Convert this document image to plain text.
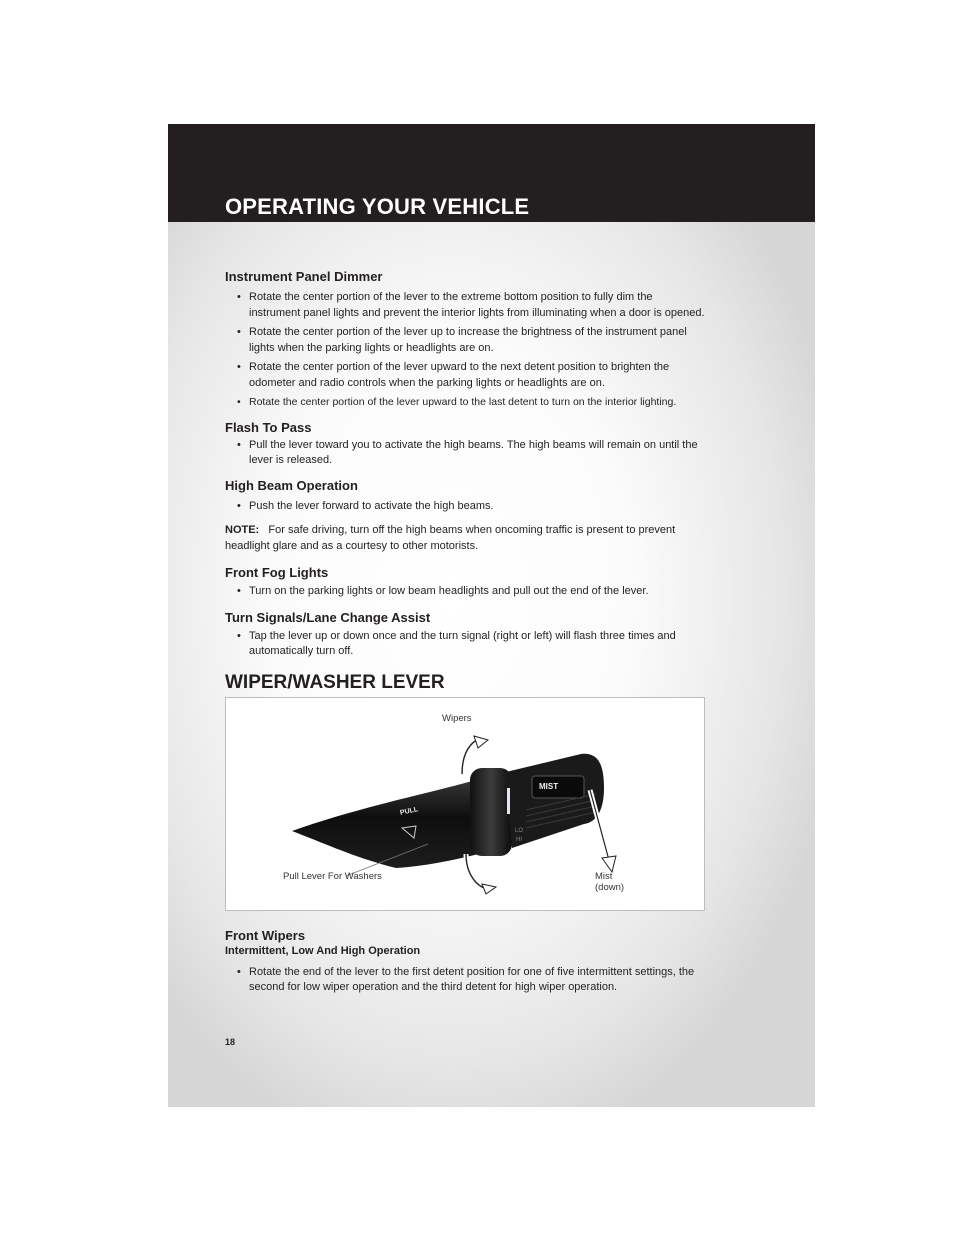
OPERATING YOUR VEHICLE
Instrument Panel Dimmer
• Rotate the center portion of the lever to the extreme bottom position to fully dim the instrument panel lights and prevent the interior lights from illuminating when a door is opened.
• Rotate the center portion of the lever up to increase the brightness of the instrument panel lights when the parking lights or headlights are on.
• Rotate the center portion of the lever upward to the next detent position to brighten the odometer and radio controls when the parking lights or headlights are on.
• Rotate the center portion of the lever upward to the last detent to turn on the interior lighting.
Flash To Pass
• Pull the lever toward you to activate the high beams. The high beams will remain on until the lever is released.
High Beam Operation
• Push the lever forward to activate the high beams.

NOTE: For safe driving, turn off the high beams when oncoming traffic is present to prevent headlight glare and as a courtesy to other motorists.

Front Fog Lights
• Turn on the parking lights or low beam headlights and pull out the end of the lever.
Turn Signals/Lane Change Assist
• Tap the lever up or down once and the turn signal (right or left) will flash three times and automatically turn off.
WIPER/WASHER LEVER
Wipers
Pull Lever For Washers	Mist
(down)
PULL
MIST
LO
HI
Front Wipers
Intermittent, Low And High Operation
• Rotate the end of the lever to the first detent position for one of five intermittent settings, the second for low wiper operation and the third detent for high wiper operation.
18
